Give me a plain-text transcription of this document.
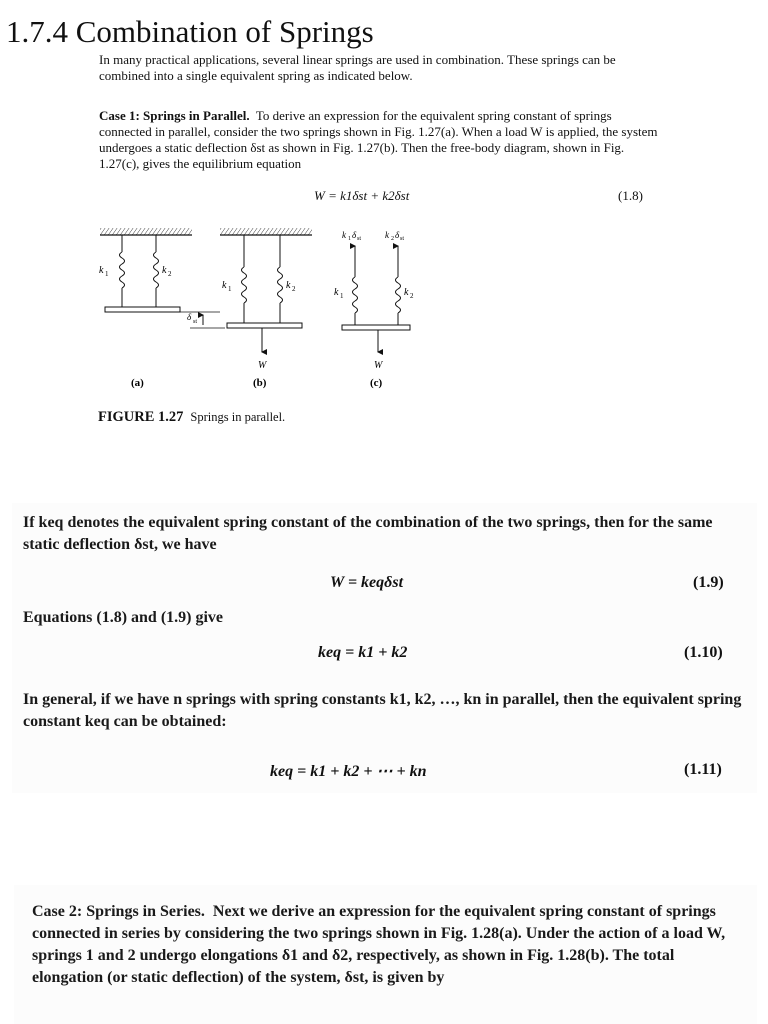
1.7.4 Combination of Springs
In many practical applications, several linear springs are used in combination. These springs can be combined into a single equivalent spring as indicated below.
Case 1: Springs in Parallel. To derive an expression for the equivalent spring constant of springs connected in parallel, consider the two springs shown in Fig. 1.27(a). When a load W is applied, the system undergoes a static deflection δst as shown in Fig. 1.27(b). Then the free-body diagram, shown in Fig. 1.27(c), gives the equilibrium equation
W = k1δst + k2δst	(1.8)
k 1	k 2
δ st
(a)
k 1	k 2
W
(b)
k 1 δ st	k 2 δ st
k 1	k 2
W
(c)
FIGURE 1.27 Springs in parallel.
If keq denotes the equivalent spring constant of the combination of the two springs, then for the same static deflection δst, we have
W = keqδst	(1.9)
Equations (1.8) and (1.9) give
keq = k1 + k2	(1.10)
In general, if we have n springs with spring constants k1, k2, …, kn in parallel, then the equivalent spring constant keq can be obtained:
keq = k1 + k2 + ⋯ + kn	(1.11)
Case 2: Springs in Series. Next we derive an expression for the equivalent spring constant of springs connected in series by considering the two springs shown in Fig. 1.28(a). Under the action of a load W, springs 1 and 2 undergo elongations δ1 and δ2, respectively, as shown in Fig. 1.28(b). The total elongation (or static deflection) of the system, δst, is given by
